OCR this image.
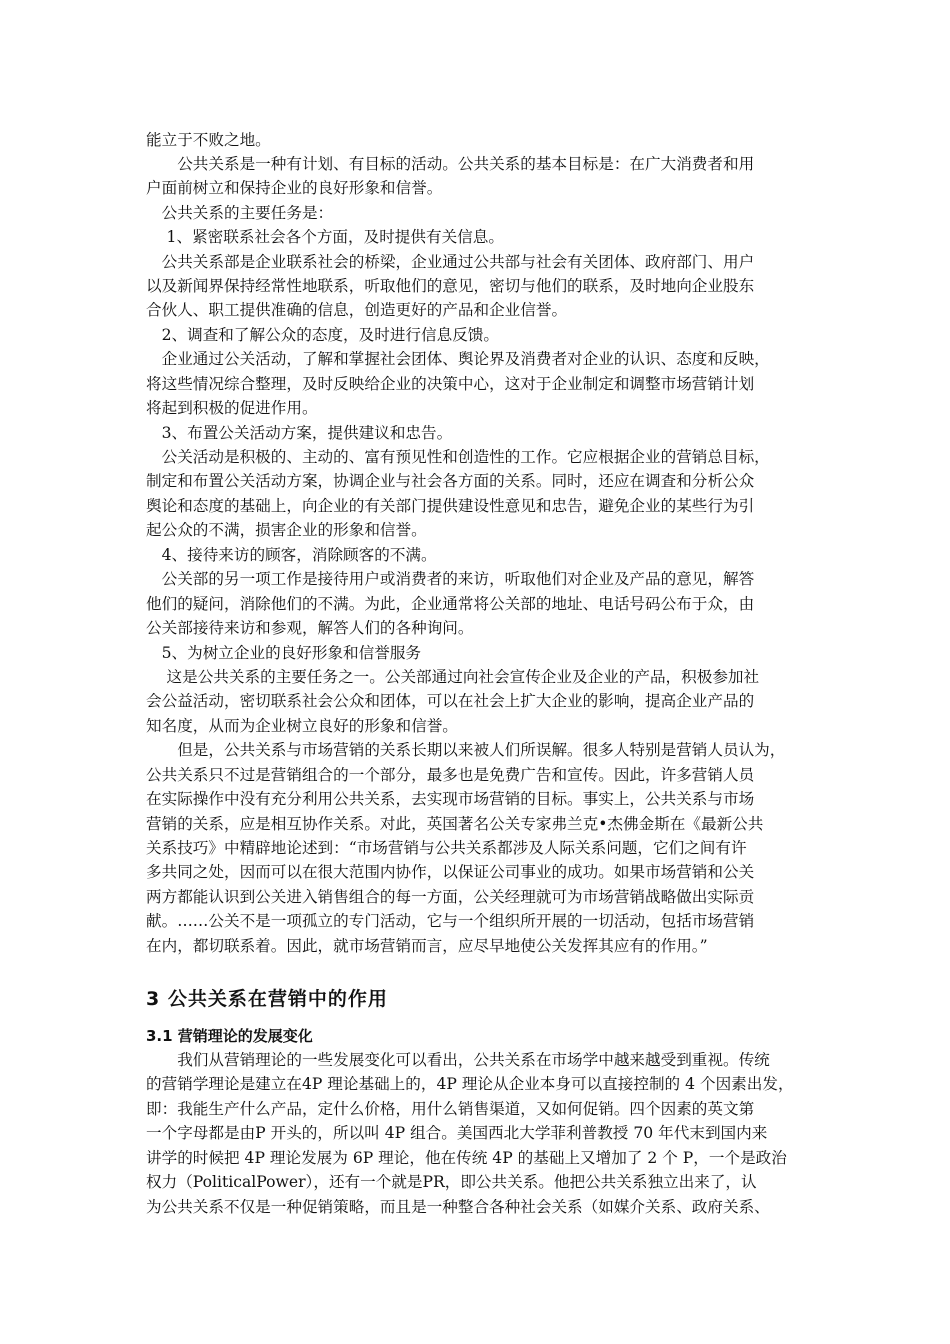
能立于不败之地。
　　公共关系是一种有计划、有目标的活动。公共关系的基本目标是：在广大消费者和用
户面前树立和保持企业的良好形象和信誉。
　公共关系的主要任务是：
　 1、紧密联系社会各个方面，及时提供有关信息。
　公共关系部是企业联系社会的桥梁，企业通过公共部与社会有关团体、政府部门、用户
以及新闻界保持经常性地联系，听取他们的意见，密切与他们的联系，及时地向企业股东
合伙人、职工提供准确的信息，创造更好的产品和企业信誉。
　2、调查和了解公众的态度，及时进行信息反馈。
　企业通过公关活动，了解和掌握社会团体、舆论界及消费者对企业的认识、态度和反映，
将这些情况综合整理，及时反映给企业的决策中心，这对于企业制定和调整市场营销计划
将起到积极的促进作用。
　3、布置公关活动方案，提供建议和忠告。
　公关活动是积极的、主动的、富有预见性和创造性的工作。它应根据企业的营销总目标，
制定和布置公关活动方案，协调企业与社会各方面的关系。同时，还应在调査和分析公众
舆论和态度的基础上，向企业的有关部门提供建设性意见和忠告，避免企业的某些行为引
起公众的不满，损害企业的形象和信誉。
　4、接待来访的顾客，消除顾客的不满。
　公关部的另一项工作是接待用户或消费者的来访，听取他们对企业及产品的意见，解答
他们的疑问，消除他们的不满。为此，企业通常将公关部的地址、电话号码公布于众，由
公关部接待来访和参观，解答人们的各种询问。
　5、为树立企业的良好形象和信誉服务
　 这是公共关系的主要任务之一。公关部通过向社会宣传企业及企业的产品，积极参加社
会公益活动，密切联系社会公众和团体，可以在社会上扩大企业的影响，提高企业产品的
知名度，从而为企业树立良好的形象和信誉。
　　但是，公共关系与市场营销的关系长期以来被人们所误解。很多人特别是营销人员认为，
公共关系只不过是营销组合的一个部分，最多也是免费广告和宣传。因此，许多营销人员
在实际操作中没有充分利用公共关系，去实现市场营销的目标。事实上，公共关系与市场
营销的关系，应是相互协作关系。对此，英国著名公关专家弗兰克•杰佛金斯在《最新公共
关系技巧》中精辟地论述到：“市场营销与公共关系都涉及人际关系问题，它们之间有许
多共同之处，因而可以在很大范围内协作，以保证公司事业的成功。如果市场营销和公关
两方都能认识到公关进入销售组合的每一方面，公关经理就可为市场营销战略做出实际贡
献。……公关不是一项孤立的专门活动，它与一个组织所开展的一切活动，包括市场营销
在内，都切联系着。因此，就市场营销而言，应尽早地使公关发挥其应有的作用。”
3 公共关系在营销中的作用
3.1 营销理论的发展变化
　　我们从营销理论的一些发展变化可以看出，公共关系在市场学中越来越受到重视。传统
的营销学理论是建立在4P 理论基础上的，4P 理论从企业本身可以直接控制的 4 个因素出发，
即：我能生产什么产品，定什么价格，用什么销售渠道，又如何促销。四个因素的英文第
一个字母都是由P 开头的，所以叫 4P 组合。美国西北大学菲利普教授 70 年代末到国内来
讲学的时候把 4P 理论发展为 6P 理论，他在传统 4P 的基础上又增加了 2 个 P，一个是政治
权力（PoliticalPower），还有一个就是PR，即公共关系。他把公共关系独立出来了，认
为公共关系不仅是一种促销策略，而且是一种整合各种社会关系（如媒介关系、政府关系、
